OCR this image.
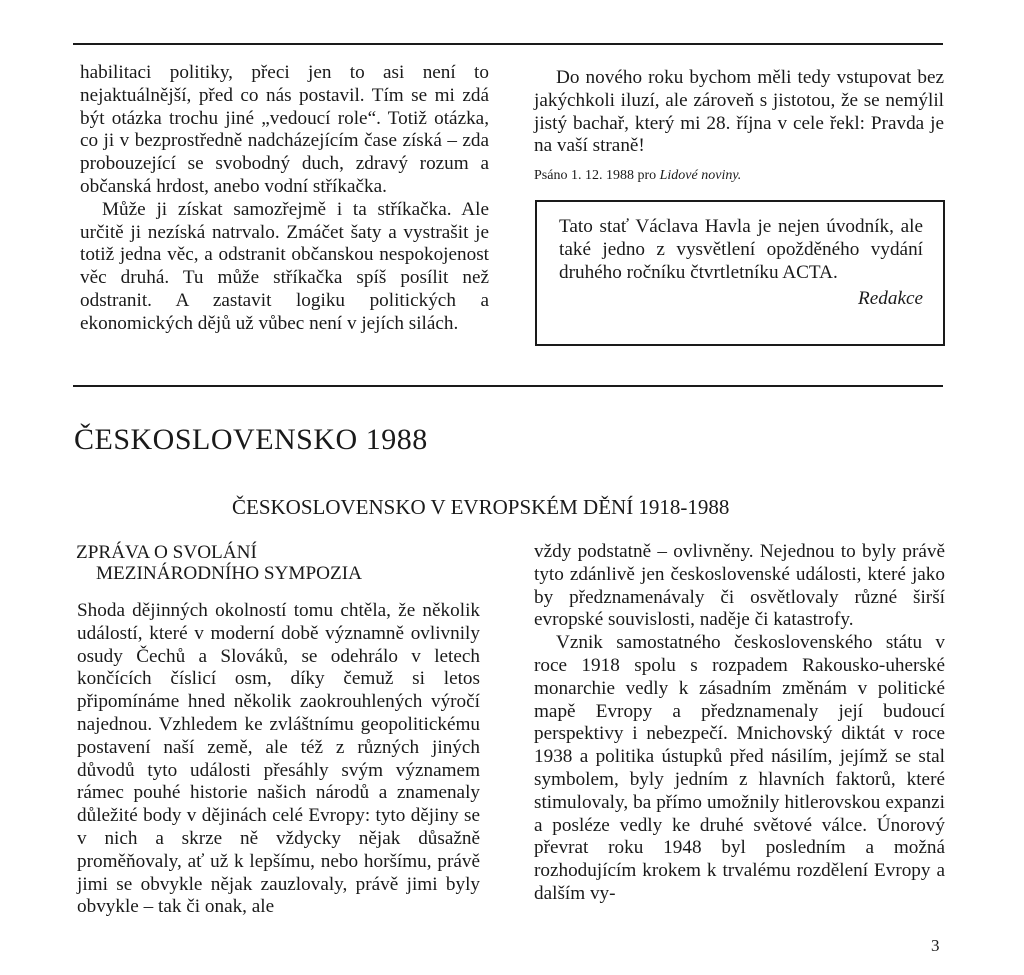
habilitaci politiky, přeci jen to asi není to nejaktuálnější, před co nás postavil. Tím se mi zdá být otázka trochu jiné „vedoucí role“. Totiž otázka, co ji v bezprostředně nadcházejícím čase získá – zda probouzející se svobodný duch, zdravý rozum a občanská hrdost, anebo vodní stříkačka.

Může ji získat samozřejmě i ta stříkačka. Ale určitě ji nezíská natrvalo. Zmáčet šaty a vystrašit je totiž jedna věc, a odstranit občanskou nespokojenost věc druhá. Tu může stříkačka spíš posílit než odstranit. A zastavit logiku politických a ekonomických dějů už vůbec není v jejích silách.

Do nového roku bychom měli tedy vstupovat bez jakýchkoli iluzí, ale zároveň s jistotou, že se nemýlil jistý bachař, který mi 28. října v cele řekl: Pravda je na vaší straně!

Psáno 1. 12. 1988 pro Lidové noviny.

Tato stať Václava Havla je nejen úvodník, ale také jedno z vysvětlení opožděného vydání druhého ročníku čtvrtletníku ACTA.
Redakce
ČESKOSLOVENSKO 1988
ČESKOSLOVENSKO V EVROPSKÉM DĚNÍ 1918-1988
ZPRÁVA O SVOLÁNÍ
MEZINÁRODNÍHO SYMPOZIA

Shoda dějinných okolností tomu chtěla, že několik událostí, které v moderní době významně ovlivnily osudy Čechů a Slováků, se odehrálo v letech končících číslicí osm, díky čemuž si letos připomínáme hned několik zaokrouhlených výročí najednou. Vzhledem ke zvláštnímu geopolitickému postavení naší země, ale též z různých jiných důvodů tyto události přesáhly svým významem rámec pouhé historie našich národů a znamenaly důležité body v dějinách celé Evropy: tyto dějiny se v nich a skrze ně vždycky nějak důsažně proměňovaly, ať už k lepšímu, nebo horšímu, právě jimi se obvykle nějak zauzlovaly, právě jimi byly obvykle – tak či onak, ale

vždy podstatně – ovlivněny. Nejednou to byly právě tyto zdánlivě jen československé události, které jako by předznamenávaly či osvětlovaly různé širší evropské souvislosti, naděje či katastrofy.

Vznik samostatného československého státu v roce 1918 spolu s rozpadem Rakousko-uherské monarchie vedly k zásadním změnám v politické mapě Evropy a předznamenaly její budoucí perspektivy i nebezpečí. Mnichovský diktát v roce 1938 a politika ústupků před násilím, jejímž se stal symbolem, byly jedním z hlavních faktorů, které stimulovaly, ba přímo umožnily hitlerovskou expanzi a posléze vedly ke druhé světové válce. Únorový převrat roku 1948 byl posledním a možná rozhodujícím krokem k trvalému rozdělení Evropy a dalším vy-

3
